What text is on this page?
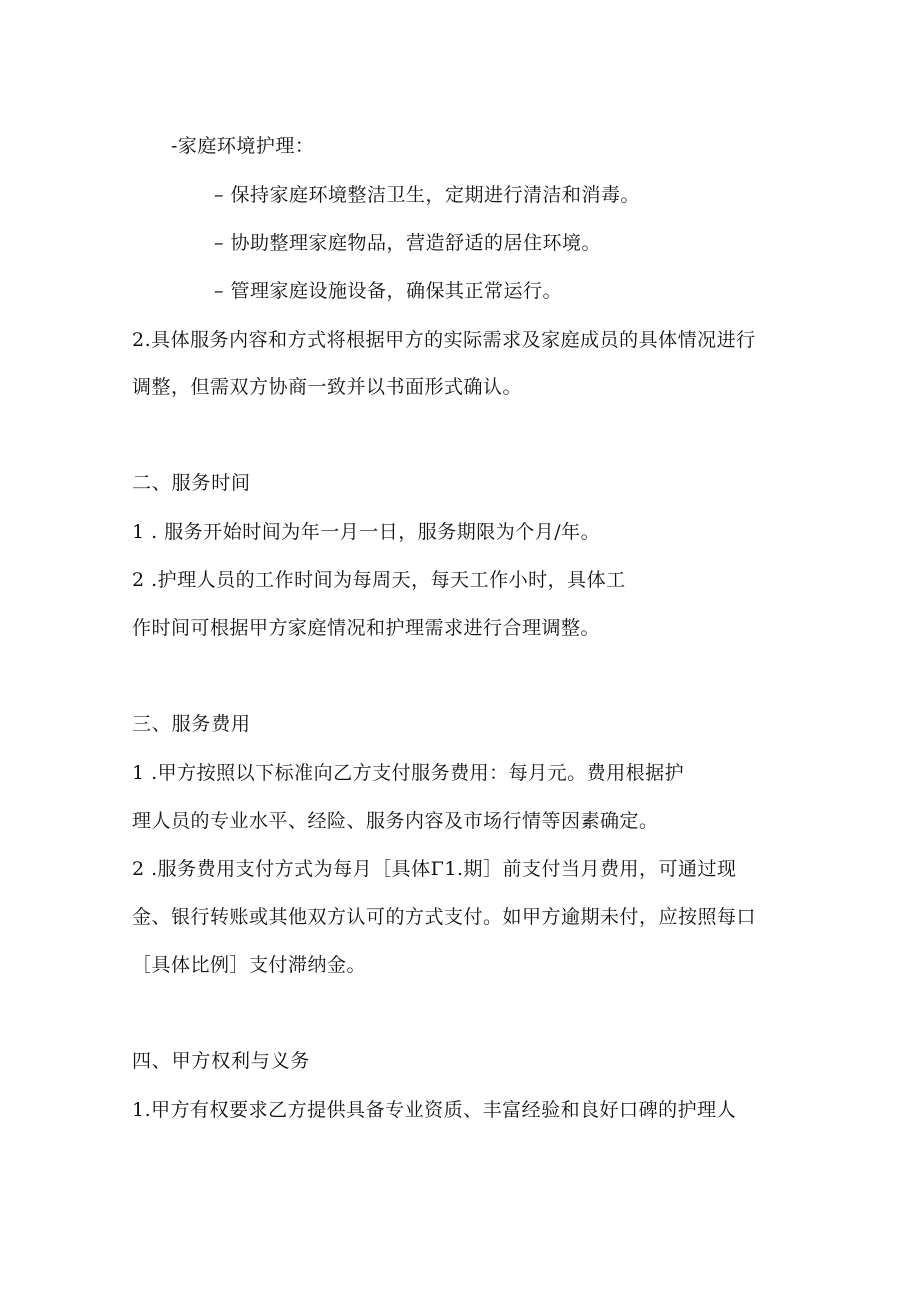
-家庭环境护理：
– 保持家庭环境整洁卫生，定期进行清洁和消毒。
– 协助整理家庭物品，营造舒适的居住环境。
– 管理家庭设施设备，确保其正常运行。
2.具体服务内容和方式将根据甲方的实际需求及家庭成员的具体情况进行
调整，但需双方协商一致并以书面形式确认。
二、服务时间
1 . 服务开始时间为年一月一日，服务期限为个月/年。
2 .护理人员的工作时间为每周天，每天工作小时，具体工
作时间可根据甲方家庭情况和护理需求进行合理调整。
三、服务费用
1 .甲方按照以下标准向乙方支付服务费用：每月元。费用根据护
理人员的专业水平、经险、服务内容及市场行情等因素确定。
2 .服务费用支付方式为每月［具体Γ1.期］前支付当月费用，可通过现
金、银行转账或其他双方认可的方式支付。如甲方逾期未付，应按照每口
［具体比例］支付滞纳金。
四、甲方权利与义务
1.甲方有权要求乙方提供具备专业资质、丰富经验和良好口碑的护理人
